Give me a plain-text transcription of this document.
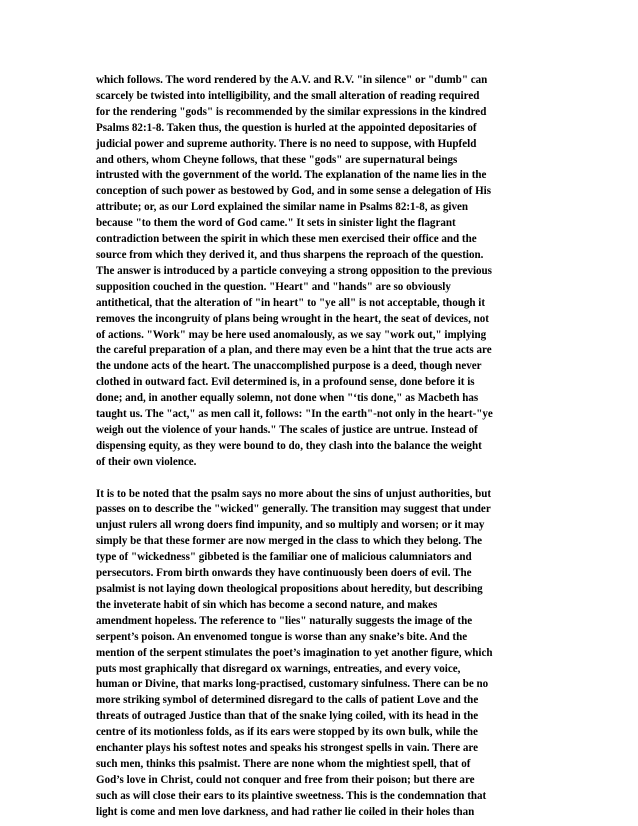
which follows. The word rendered by the A.V. and R.V. "in silence" or "dumb" can
scarcely be twisted into intelligibility, and the small alteration of reading required
for the rendering "gods" is recommended by the similar expressions in the kindred
Psalms 82:1-8. Taken thus, the question is hurled at the appointed depositaries of
judicial power and supreme authority. There is no need to suppose, with Hupfeld
and others, whom Cheyne follows, that these "gods" are supernatural beings
intrusted with the government of the world. The explanation of the name lies in the
conception of such power as bestowed by God, and in some sense a delegation of His
attribute; or, as our Lord explained the similar name in Psalms 82:1-8, as given
because "to them the word of God came." It sets in sinister light the flagrant
contradiction between the spirit in which these men exercised their office and the
source from which they derived it, and thus sharpens the reproach of the question.
The answer is introduced by a particle conveying a strong opposition to the previous
supposition couched in the question. "Heart" and "hands" are so obviously
antithetical, that the alteration of "in heart" to "ye all" is not acceptable, though it
removes the incongruity of plans being wrought in the heart, the seat of devices, not
of actions. "Work" may be here used anomalously, as we say "work out," implying
the careful preparation of a plan, and there may even be a hint that the true acts are
the undone acts of the heart. The unaccomplished purpose is a deed, though never
clothed in outward fact. Evil determined is, in a profound sense, done before it is
done; and, in another equally solemn, not done when "‘tis done," as Macbeth has
taught us. The "act," as men call it, follows: "In the earth"-not only in the heart-"ye
weigh out the violence of your hands." The scales of justice are untrue. Instead of
dispensing equity, as they were bound to do, they clash into the balance the weight
of their own violence.
It is to be noted that the psalm says no more about the sins of unjust authorities, but
passes on to describe the "wicked" generally. The transition may suggest that under
unjust rulers all wrong doers find impunity, and so multiply and worsen; or it may
simply be that these former are now merged in the class to which they belong. The
type of "wickedness" gibbeted is the familiar one of malicious calumniators and
persecutors. From birth onwards they have continuously been doers of evil. The
psalmist is not laying down theological propositions about heredity, but describing
the inveterate habit of sin which has become a second nature, and makes
amendment hopeless. The reference to "lies" naturally suggests the image of the
serpent’s poison. An envenomed tongue is worse than any snake’s bite. And the
mention of the serpent stimulates the poet’s imagination to yet another figure, which
puts most graphically that disregard ox warnings, entreaties, and every voice,
human or Divine, that marks long-practised, customary sinfulness. There can be no
more striking symbol of determined disregard to the calls of patient Love and the
threats of outraged Justice than that of the snake lying coiled, with its head in the
centre of its motionless folds, as if its ears were stopped by its own bulk, while the
enchanter plays his softest notes and speaks his strongest spells in vain. There are
such men, thinks this psalmist. There are none whom the mightiest spell, that of
God’s love in Christ, could not conquer and free from their poison; but there are
such as will close their ears to its plaintive sweetness. This is the condemnation that
light is come and men love darkness, and had rather lie coiled in their holes than
